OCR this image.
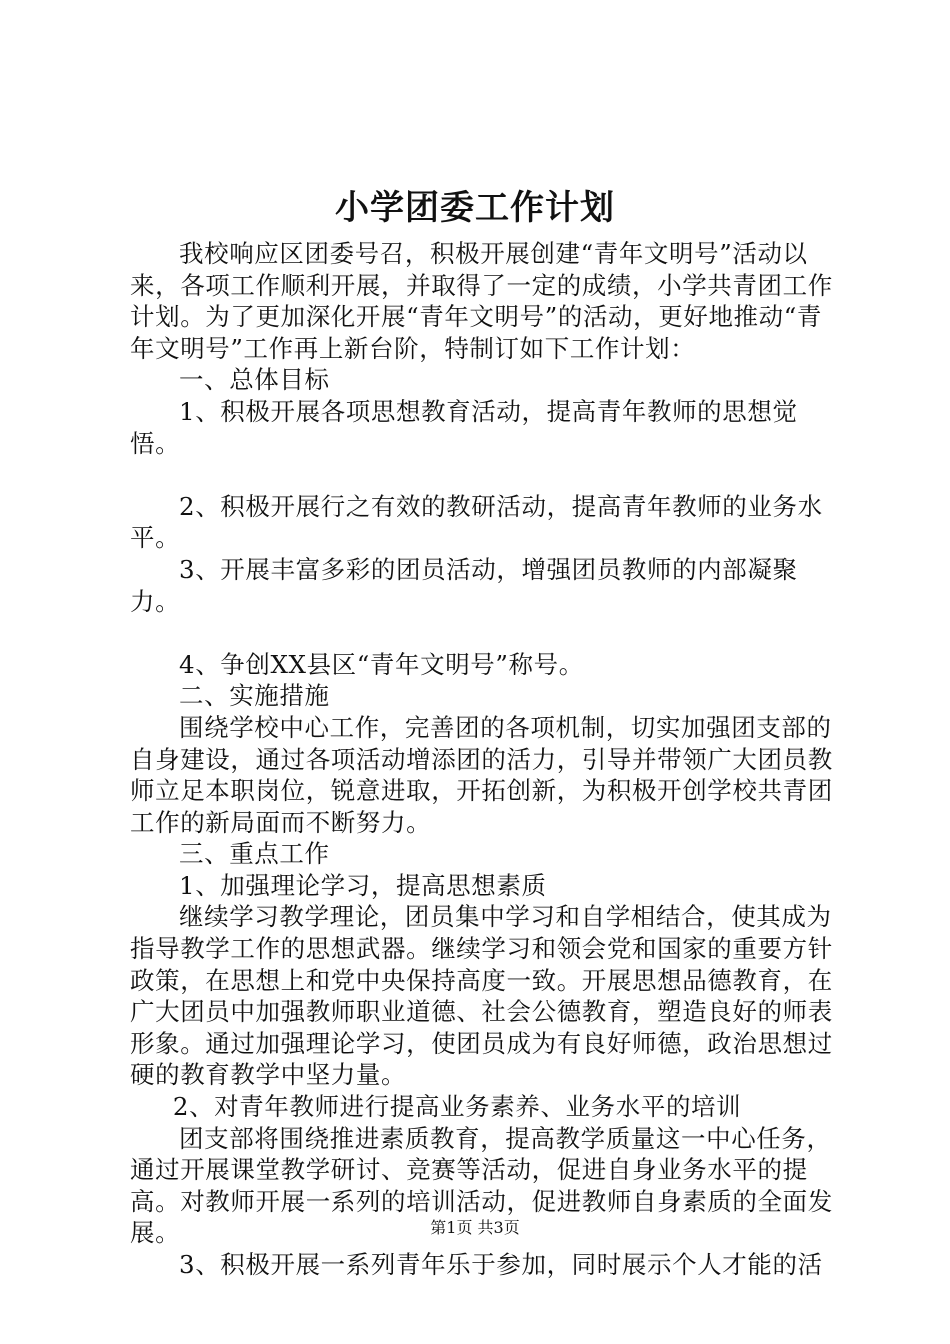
小学团委工作计划

我校响应区团委号召，积极开展创建“青年文明号”活动以来，各项工作顺利开展，并取得了一定的成绩，小学共青团工作计划。为了更加深化开展“青年文明号”的活动，更好地推动“青年文明号”工作再上新台阶，特制订如下工作计划：

一、总体目标

1、积极开展各项思想教育活动，提高青年教师的思想觉悟。

2、积极开展行之有效的教研活动，提高青年教师的业务水平。

3、开展丰富多彩的团员活动，增强团员教师的内部凝聚力。

4、争创XX县区“青年文明号”称号。

二、实施措施

围绕学校中心工作，完善团的各项机制，切实加强团支部的自身建设，通过各项活动增添团的活力，引导并带领广大团员教师立足本职岗位，锐意进取，开拓创新，为积极开创学校共青团工作的新局面而不断努力。

三、重点工作

1、加强理论学习，提高思想素质

继续学习教学理论，团员集中学习和自学相结合，使其成为指导教学工作的思想武器。继续学习和领会党和国家的重要方针政策，在思想上和党中央保持高度一致。开展思想品德教育，在广大团员中加强教师职业道德、社会公德教育，塑造良好的师表形象。通过加强理论学习，使团员成为有良好师德，政治思想过硬的教育教学中坚力量。

2、对青年教师进行提高业务素养、业务水平的培训

团支部将围绕推进素质教育，提高教学质量这一中心任务，通过开展课堂教学研讨、竞赛等活动，促进自身业务水平的提高。对教师开展一系列的培训活动，促进教师自身素质的全面发展。

3、积极开展一系列青年乐于参加，同时展示个人才能的活

第1页 共3页
